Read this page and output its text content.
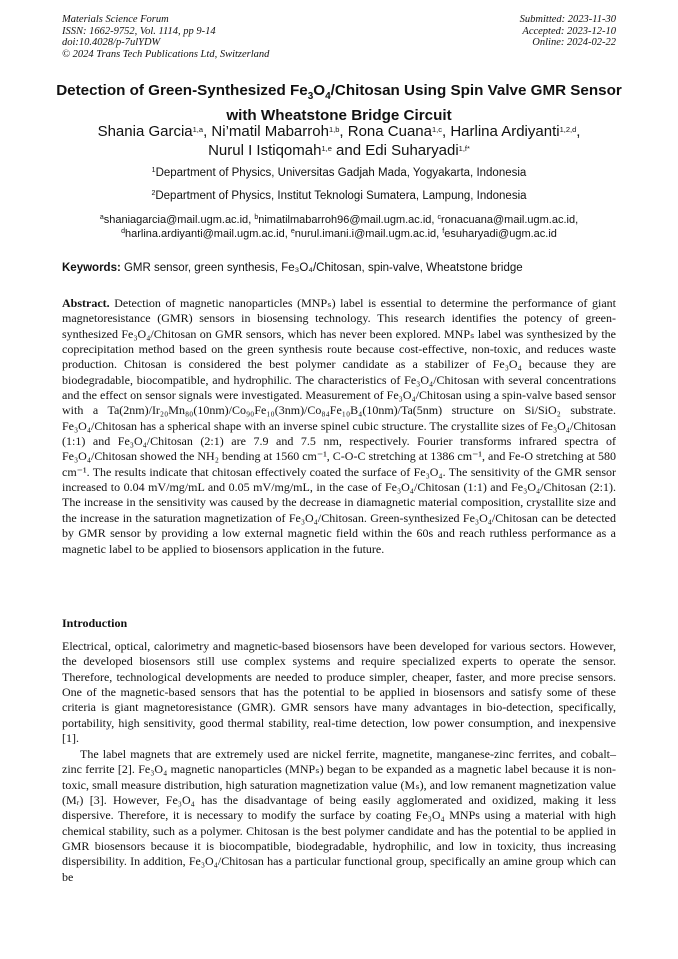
Materials Science Forum
ISSN: 1662-9752, Vol. 1114, pp 9-14
doi:10.4028/p-7ulYDW
© 2024 Trans Tech Publications Ltd, Switzerland
Submitted: 2023-11-30
Accepted: 2023-12-10
Online: 2024-02-22
Detection of Green-Synthesized $Fe_3O_4$/Chitosan Using Spin Valve GMR Sensor with Wheatstone Bridge Circuit
Shania Garcia$^{1,a}$, Ni’matil Mabarroh$^{1,b}$, Rona Cuana$^{1,c}$, Harlina Ardiyanti$^{1,2,d}$,
Nurul I Istiqomah$^{1,e}$ and Edi Suharyadi$^{1,f*}$
$^1$Department of Physics, Universitas Gadjah Mada, Yogyakarta, Indonesia
$^2$Department of Physics, Institut Teknologi Sumatera, Lampung, Indonesia
$^a$shaniagarcia@mail.ugm.ac.id, $^b$nimatilmabarroh96@mail.ugm.ac.id, $^c$ronacuana@mail.ugm.ac.id,
$^d$harlina.ardiyanti@mail.ugm.ac.id, $^e$nurul.imani.i@mail.ugm.ac.id, $^f$esuharyadi@ugm.ac.id
Keywords: GMR sensor, green synthesis, Fe₃O₄/Chitosan, spin-valve, Wheatstone bridge
Abstract. Detection of magnetic nanoparticles (MNPₛ) label is essential to determine the performance of giant magnetoresistance (GMR) sensors in biosensing technology. This research identifies the potency of green-synthesized Fe₃O₄/Chitosan on GMR sensors, which has never been explored. MNPₛ label was synthesized by the coprecipitation method based on the green synthesis route because cost-effective, non-toxic, and reduces waste production. Chitosan is considered the best polymer candidate as a stabilizer of Fe₃O₄ because they are biodegradable, biocompatible, and hydrophilic. The characteristics of Fe₃O₄/Chitosan with several concentrations and the effect on sensor signals were investigated. Measurement of Fe₃O₄/Chitosan using a spin-valve based sensor with a Ta(2nm)/Ir₂₀Mn₈₀(10nm)/Co₉₀Fe₁₀(3nm)/Co₈₄Fe₁₀B₄(10nm)/Ta(5nm) structure on Si/SiO₂ substrate. Fe₃O₄/Chitosan has a spherical shape with an inverse spinel cubic structure. The crystallite sizes of Fe₃O₄/Chitosan (1:1) and Fe₃O₄/Chitosan (2:1) are 7.9 and 7.5 nm, respectively. Fourier transforms infrared spectra of Fe₃O₄/Chitosan showed the NH₂ bending at 1560 cm⁻¹, C-O-C stretching at 1386 cm⁻¹, and Fe-O stretching at 580 cm⁻¹. The results indicate that chitosan effectively coated the surface of Fe₃O₄. The sensitivity of the GMR sensor increased to 0.04 mV/mg/mL and 0.05 mV/mg/mL, in the case of Fe₃O₄/Chitosan (1:1) and Fe₃O₄/Chitosan (2:1). The increase in the sensitivity was caused by the decrease in diamagnetic material composition, crystallite size and the increase in the saturation magnetization of Fe₃O₄/Chitosan. Green-synthesized Fe₃O₄/Chitosan can be detected by GMR sensor by providing a low external magnetic field within the 60s and reach ruthless performance as a magnetic label to be applied to biosensors application in the future.
Introduction
Electrical, optical, calorimetry and magnetic-based biosensors have been developed for various sectors. However, the developed biosensors still use complex systems and require specialized experts to operate the sensor. Therefore, technological developments are needed to produce simpler, cheaper, faster, and more precise sensors. One of the magnetic-based sensors that has the potential to be applied in biosensors and satisfy some of these criteria is giant magnetoresistance (GMR). GMR sensors have many advantages in bio-detection, specifically, portability, high sensitivity, good thermal stability, real-time detection, low power consumption, and inexpensive [1].
The label magnets that are extremely used are nickel ferrite, magnetite, manganese-zinc ferrites, and cobalt–zinc ferrite [2]. Fe₃O₄ magnetic nanoparticles (MNPₛ) began to be expanded as a magnetic label because it is non-toxic, small measure distribution, high saturation magnetization value (Mₛ), and low remanent magnetization value (Mᵣ) [3]. However, Fe₃O₄ has the disadvantage of being easily agglomerated and oxidized, making it less dispersive. Therefore, it is necessary to modify the surface by coating Fe₃O₄ MNPs using a material with high chemical stability, such as a polymer. Chitosan is the best polymer candidate and has the potential to be applied in GMR biosensors because it is biocompatible, biodegradable, hydrophilic, and low in toxicity, thus increasing dispersibility. In addition, Fe₃O₄/Chitosan has a particular functional group, specifically an amine group which can be
